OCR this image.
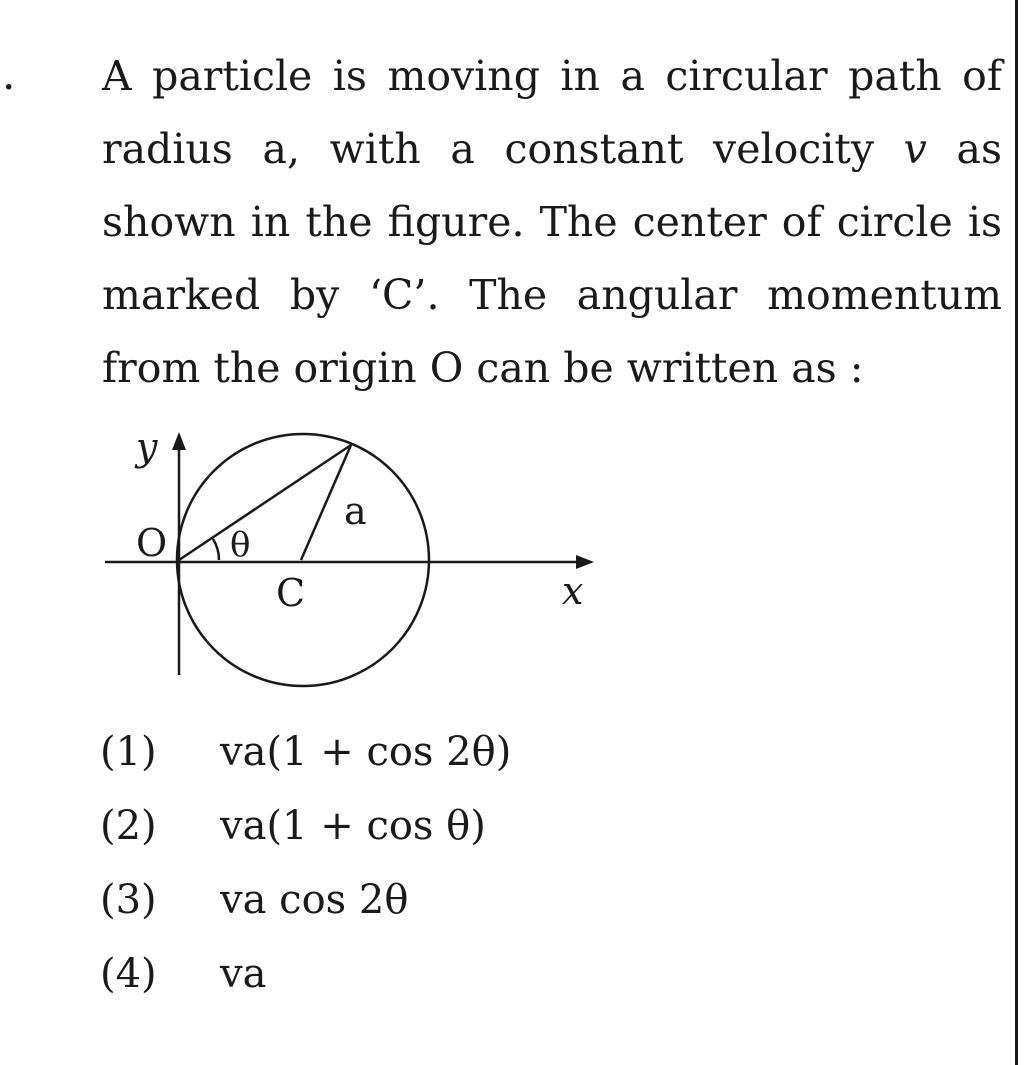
. A particle is moving in a circular path of
radius a, with a constant velocity v as
shown in the figure. The center of circle is
marked by ‘C’. The angular momentum
from the origin O can be written as :
y
O θ
a
C	x
(1) va(1 + cos 2θ)
(2) va(1 + cos θ)
(3) va cos 2θ
(4) va
